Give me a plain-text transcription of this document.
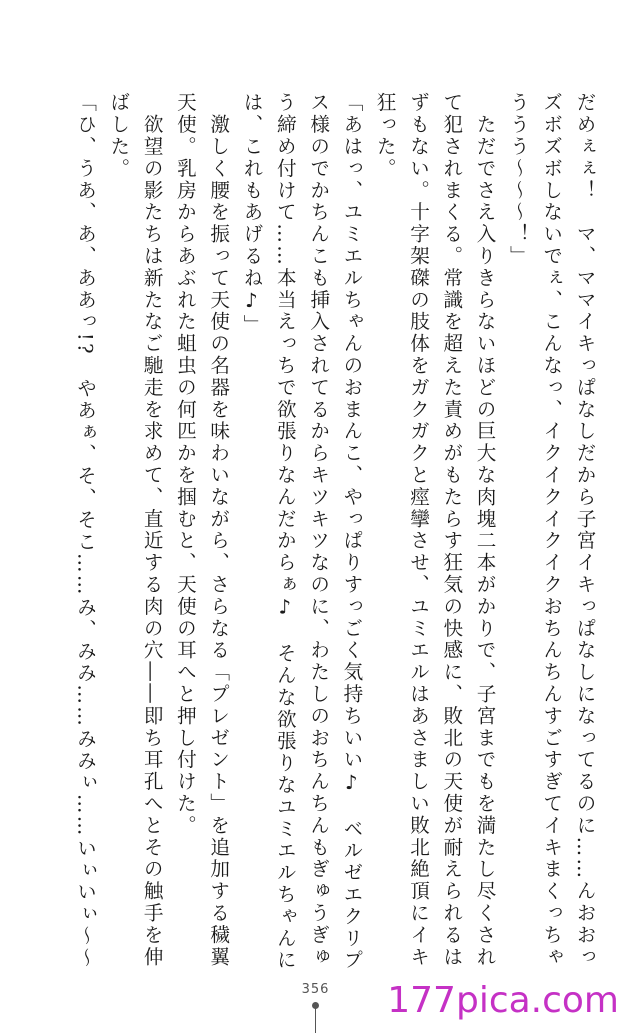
だめぇぇ！　マ、ママイキっぱなしだから子宮イキっぱなしになってるのに……んおおっ
ズボズボしないでぇ、こんなっ、イクイクイクイクおちんちんすごすぎてイキまくっちゃ
ううう〜〜〜！」
　ただでさえ入りきらないほどの巨大な肉塊二本がかりで、子宮までもを満たし尽くされ
て犯されまくる。常識を超えた責めがもたらす狂気の快感に、敗北の天使が耐えられるは
ずもない。十字架磔の肢体をガクガクと痙攣させ、ユミエルはあさましい敗北絶頂にイキ
狂った。
「あはっ、ユミエルちゃんのおまんこ、やっぱりすっごく気持ちいい♪　ベルゼエクリプ
ス様のでかちんこも挿入されてるからキツキツなのに、わたしのおちんちんもぎゅうぎゅ
う締め付けて……本当えっちで欲張りなんだからぁ♪　そんな欲張りなユミエルちゃんに
は、これもあげるね♪」
　激しく腰を振って天使の名器を味わいながら、さらなる「プレゼント」を追加する穢翼
天使。乳房からあぶれた蛆虫の何匹かを掴むと、天使の耳へと押し付けた。
　欲望の影たちは新たなご馳走を求めて、直近する肉の穴――即ち耳孔へとその触手を伸
ばした。
「ひ、うあ、あ、ああっ!?　やあぁ、そ、そこ……み、みみ……みみぃ……いぃいぃ〜〜
356	177pica.com
